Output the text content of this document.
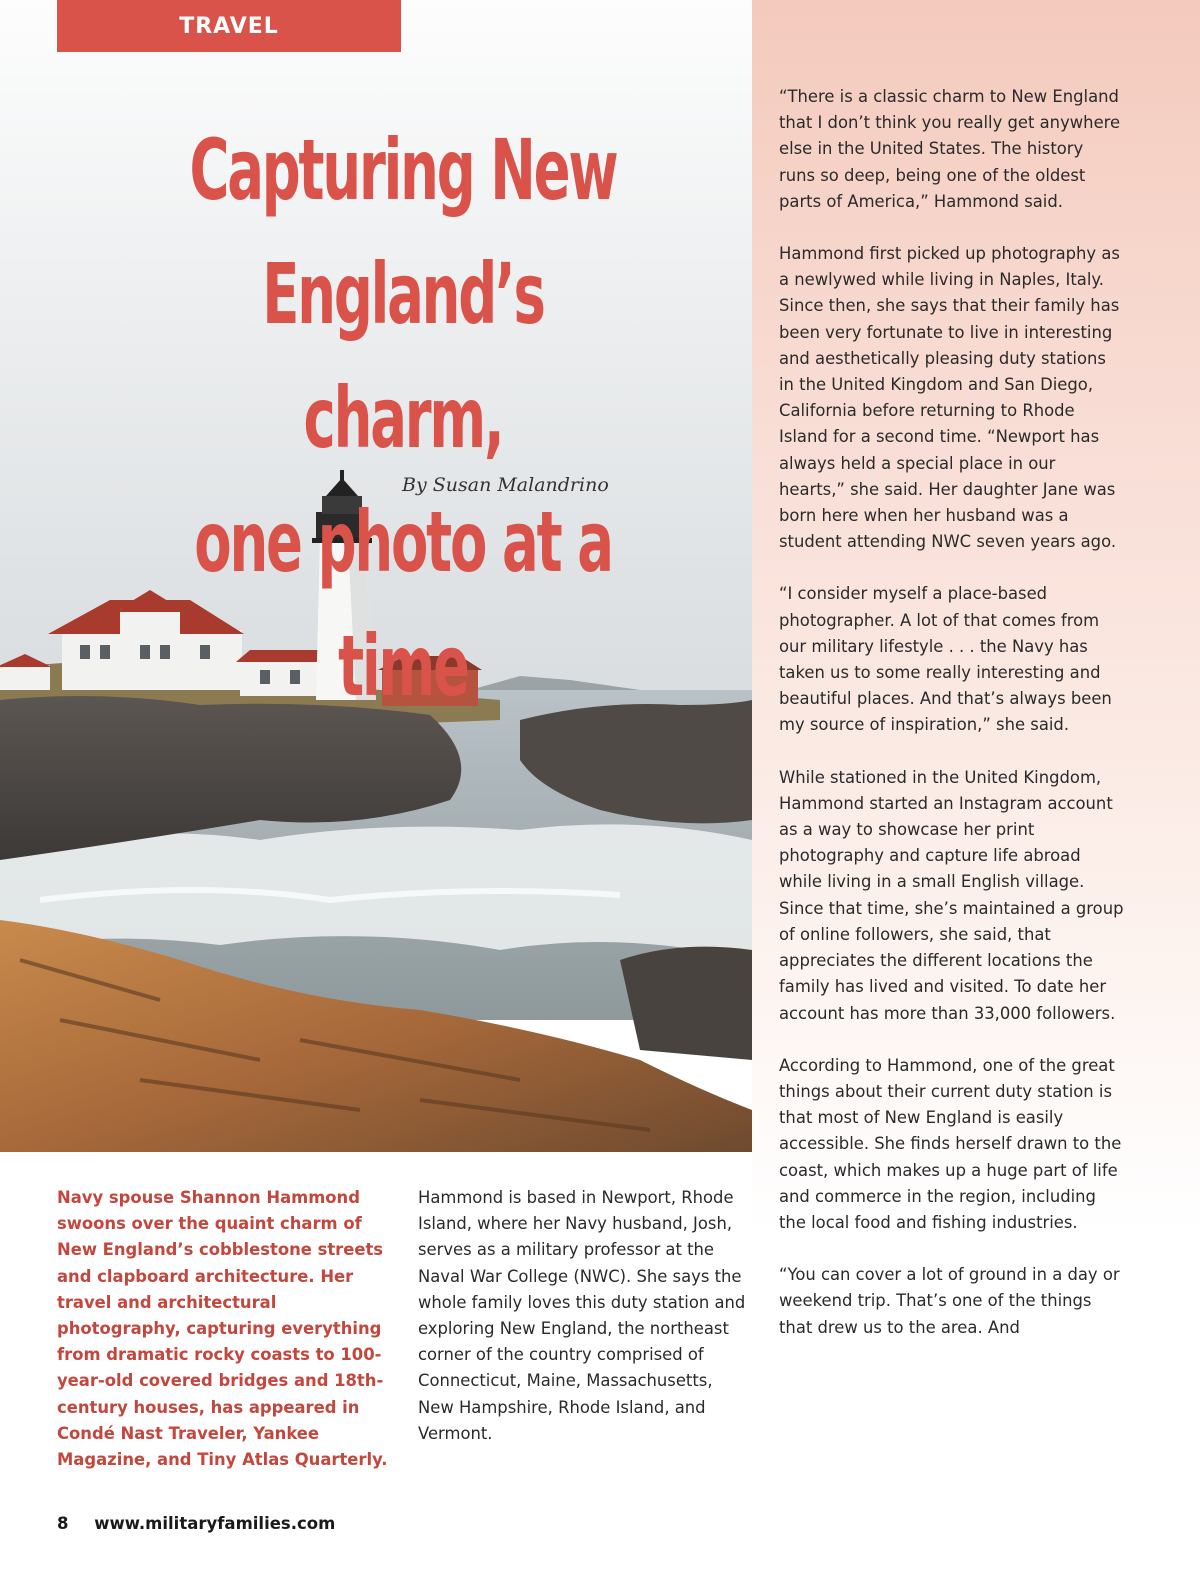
TRAVEL
Capturing New
England’s charm,
one photo at a time
By Susan Malandrino

Navy spouse Shannon Hammond swoons over the quaint charm of New England’s cobblestone streets and clapboard architecture. Her travel and architectural photography, capturing everything from dramatic rocky coasts to 100-year-old covered bridges and 18th-century houses, has appeared in Condé Nast Traveler, Yankee Magazine, and Tiny Atlas Quarterly.

Hammond is based in Newport, Rhode Island, where her Navy husband, Josh, serves as a military professor at the Naval War College (NWC). She says the whole family loves this duty station and exploring New England, the northeast corner of the country comprised of Connecticut, Maine, Massachusetts, New Hampshire, Rhode Island, and Vermont.

“There is a classic charm to New England that I don’t think you really get anywhere else in the United States. The history runs so deep, being one of the oldest parts of America,” Hammond said.

Hammond first picked up photography as a newlywed while living in Naples, Italy. Since then, she says that their family has been very fortunate to live in interesting and aesthetically pleasing duty stations in the United Kingdom and San Diego, California before returning to Rhode Island for a second time. “Newport has always held a special place in our hearts,” she said. Her daughter Jane was born here when her husband was a student attending NWC seven years ago.

“I consider myself a place-based photographer. A lot of that comes from our military lifestyle . . . the Navy has taken us to some really interesting and beautiful places. And that’s always been my source of inspiration,” she said.

While stationed in the United Kingdom, Hammond started an Instagram account as a way to showcase her print photography and capture life abroad while living in a small English village. Since that time, she’s maintained a group of online followers, she said, that appreciates the different locations the family has lived and visited. To date her account has more than 33,000 followers.

According to Hammond, one of the great things about their current duty station is that most of New England is easily accessible. She finds herself drawn to the coast, which makes up a huge part of life and commerce in the region, including the local food and fishing industries.

“You can cover a lot of ground in a day or weekend trip. That’s one of the things that drew us to the area. And

8 www.militaryfamilies.com
